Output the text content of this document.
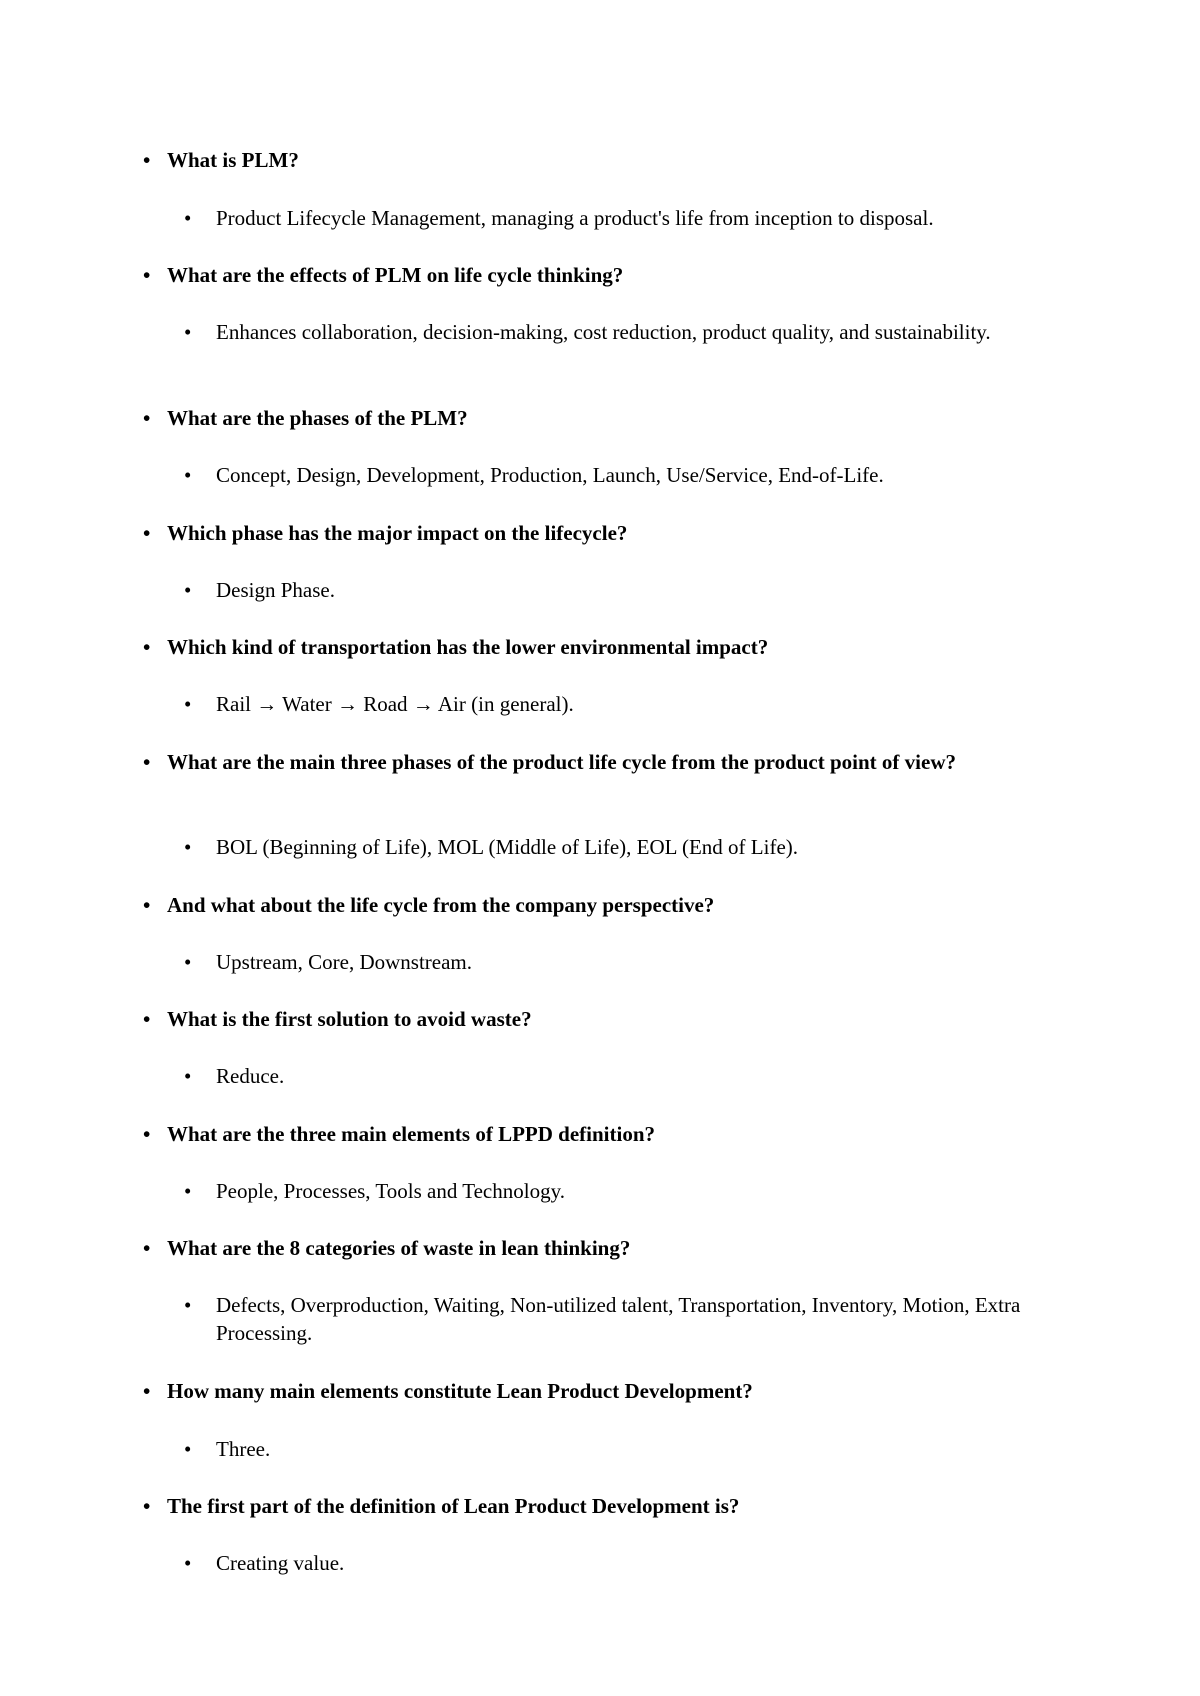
• What is PLM?
•	Product Lifecycle Management, managing a product's life from inception to disposal.
• What are the effects of PLM on life cycle thinking?
•	Enhances collaboration, decision-making, cost reduction, product quality, and sustainability.
• What are the phases of the PLM?
•	Concept, Design, Development, Production, Launch, Use/Service, End-of-Life.
• Which phase has the major impact on the lifecycle?
•	Design Phase.
• Which kind of transportation has the lower environmental impact?
•	Rail → Water → Road → Air (in general).
• What are the main three phases of the product life cycle from the product point of view?
•	BOL (Beginning of Life), MOL (Middle of Life), EOL (End of Life).
• And what about the life cycle from the company perspective?
•	Upstream, Core, Downstream.
• What is the first solution to avoid waste?
•	Reduce.
• What are the three main elements of LPPD definition?
•	People, Processes, Tools and Technology.
• What are the 8 categories of waste in lean thinking?
•	Defects, Overproduction, Waiting, Non-utilized talent, Transportation, Inventory, Motion, Extra Processing.
• How many main elements constitute Lean Product Development?
•	Three.
• The first part of the definition of Lean Product Development is?
•	Creating value.
